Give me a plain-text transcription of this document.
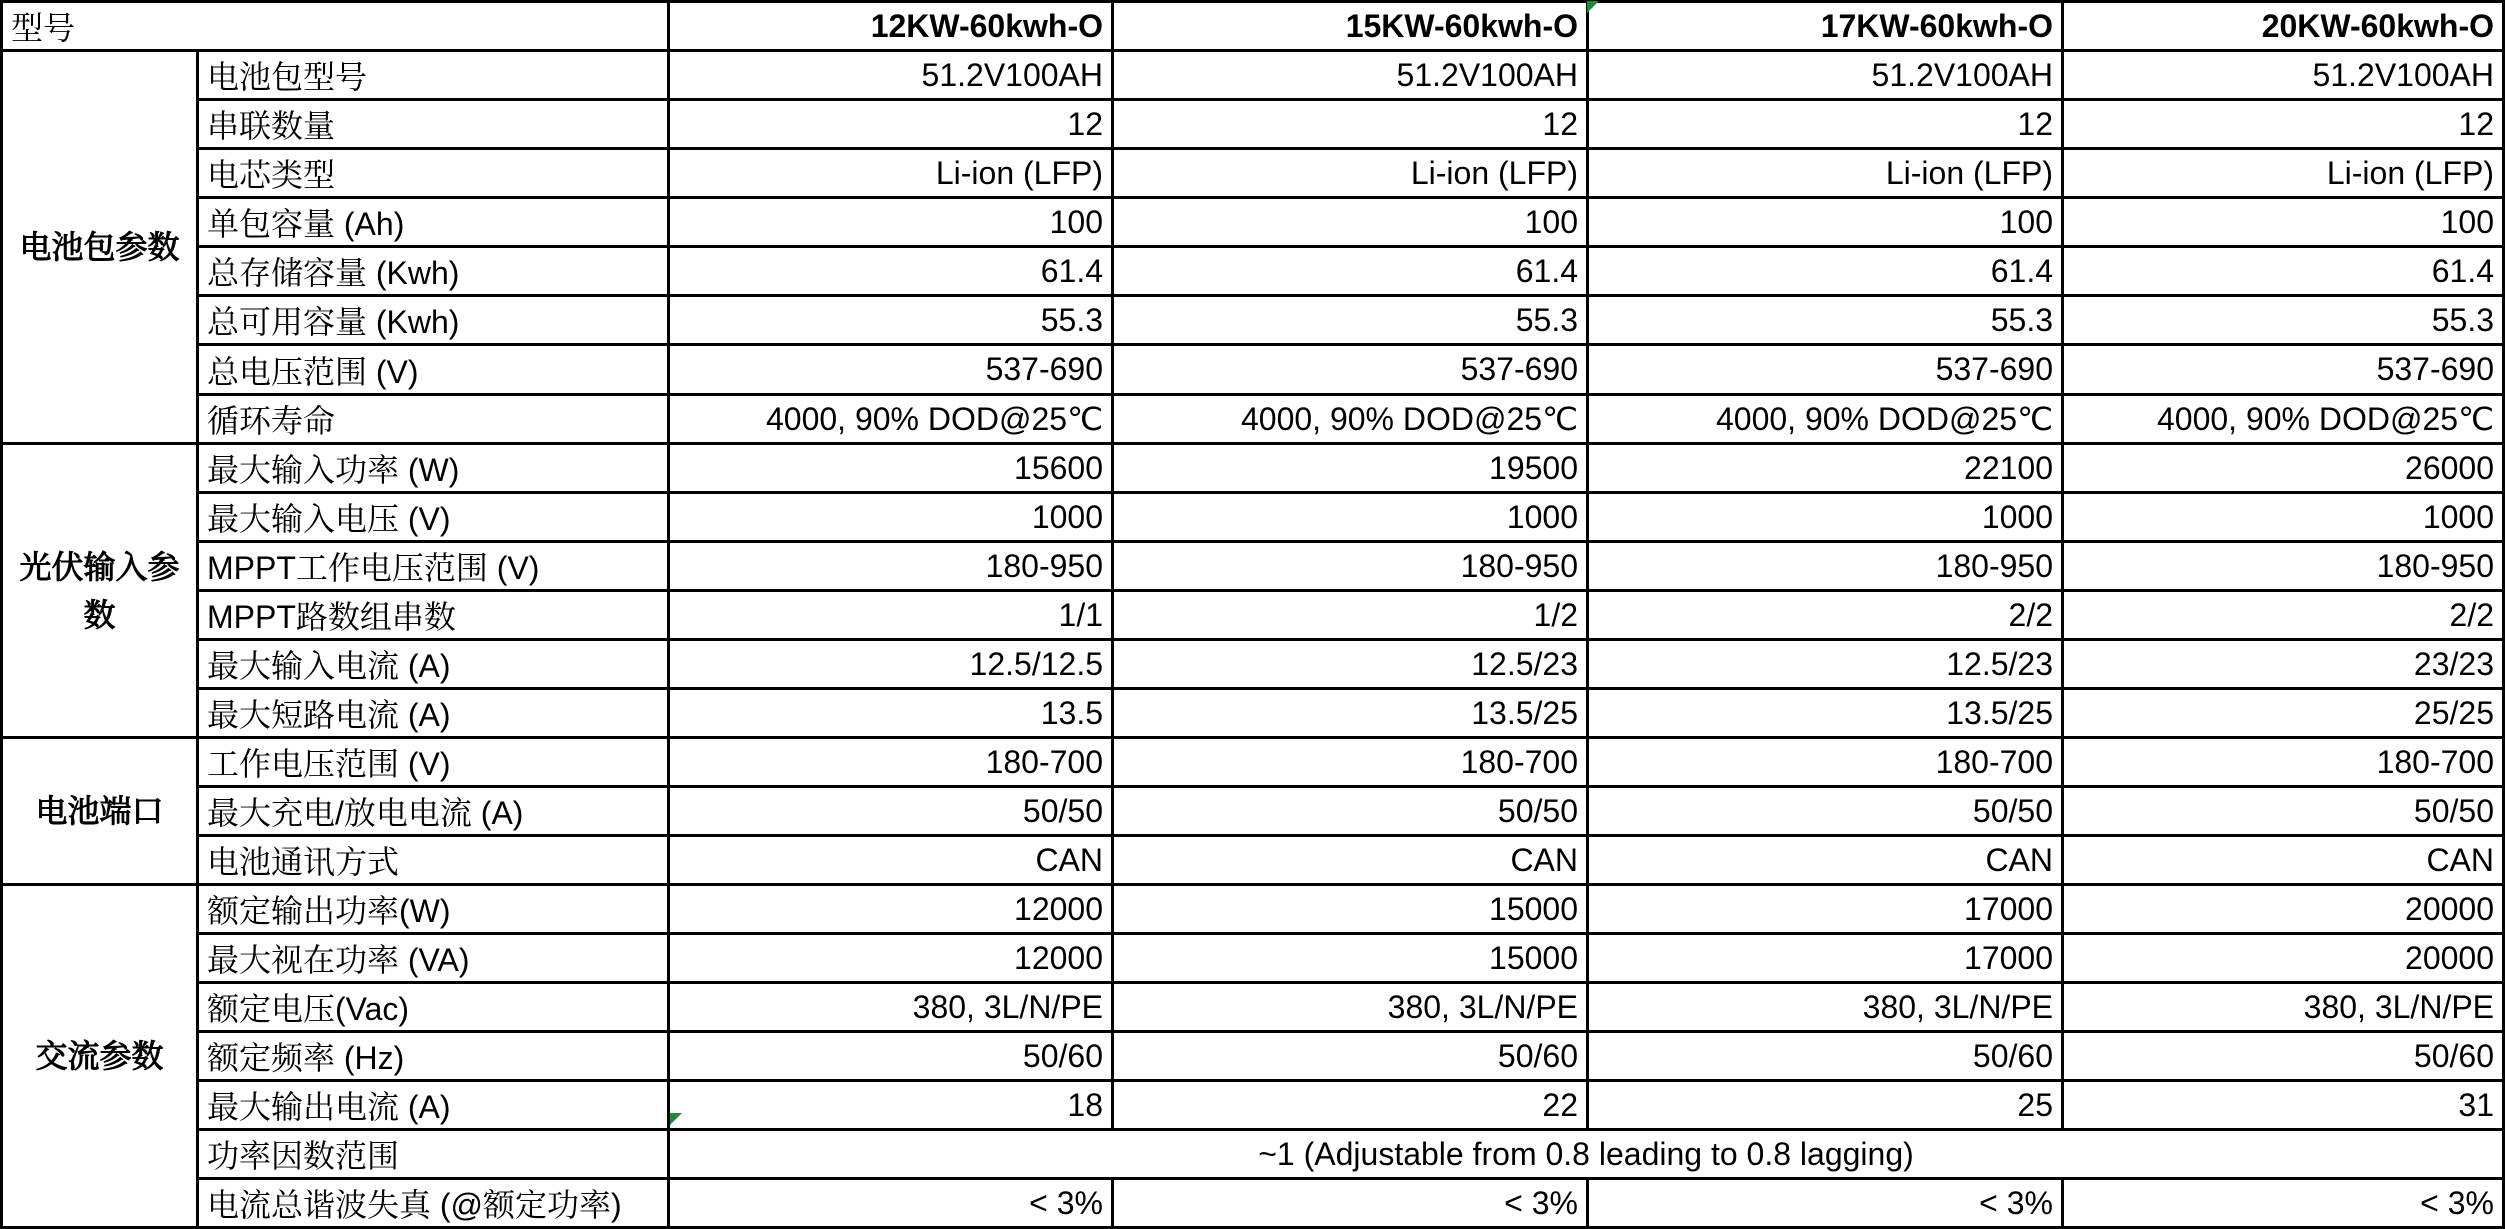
型号		12KW-60kwh-O	15KW-60kwh-O	17KW-60kwh-O	20KW-60kwh-O
电池包参数	电池包型号	51.2V100AH	51.2V100AH	51.2V100AH	51.2V100AH
	串联数量	12	12	12	12
	电芯类型	Li-ion (LFP)	Li-ion (LFP)	Li-ion (LFP)	Li-ion (LFP)
	单包容量 (Ah)	100	100	100	100
	总存储容量 (Kwh)	61.4	61.4	61.4	61.4
	总可用容量 (Kwh)	55.3	55.3	55.3	55.3
	总电压范围 (V)	537-690	537-690	537-690	537-690
	循环寿命	4000, 90% DOD@25℃	4000, 90% DOD@25℃	4000, 90% DOD@25℃	4000, 90% DOD@25℃
光伏输入参数	最大输入功率 (W)	15600	19500	22100	26000
	最大输入电压 (V)	1000	1000	1000	1000
	MPPT工作电压范围 (V)	180-950	180-950	180-950	180-950
	MPPT路数组串数	1/1	1/2	2/2	2/2
	最大输入电流 (A)	12.5/12.5	12.5/23	12.5/23	23/23
	最大短路电流 (A)	13.5	13.5/25	13.5/25	25/25
电池端口	工作电压范围 (V)	180-700	180-700	180-700	180-700
	最大充电/放电电流 (A)	50/50	50/50	50/50	50/50
	电池通讯方式	CAN	CAN	CAN	CAN
交流参数	额定输出功率(W)	12000	15000	17000	20000
	最大视在功率 (VA)	12000	15000	17000	20000
	额定电压(Vac)	380, 3L/N/PE	380, 3L/N/PE	380, 3L/N/PE	380, 3L/N/PE
	额定频率 (Hz)	50/60	50/60	50/60	50/60
	最大输出电流 (A)	18	22	25	31
	功率因数范围	~1 (Adjustable from 0.8 leading to 0.8 lagging)			
	电流总谐波失真 (@额定功率)	< 3%	< 3%	< 3%	< 3%
